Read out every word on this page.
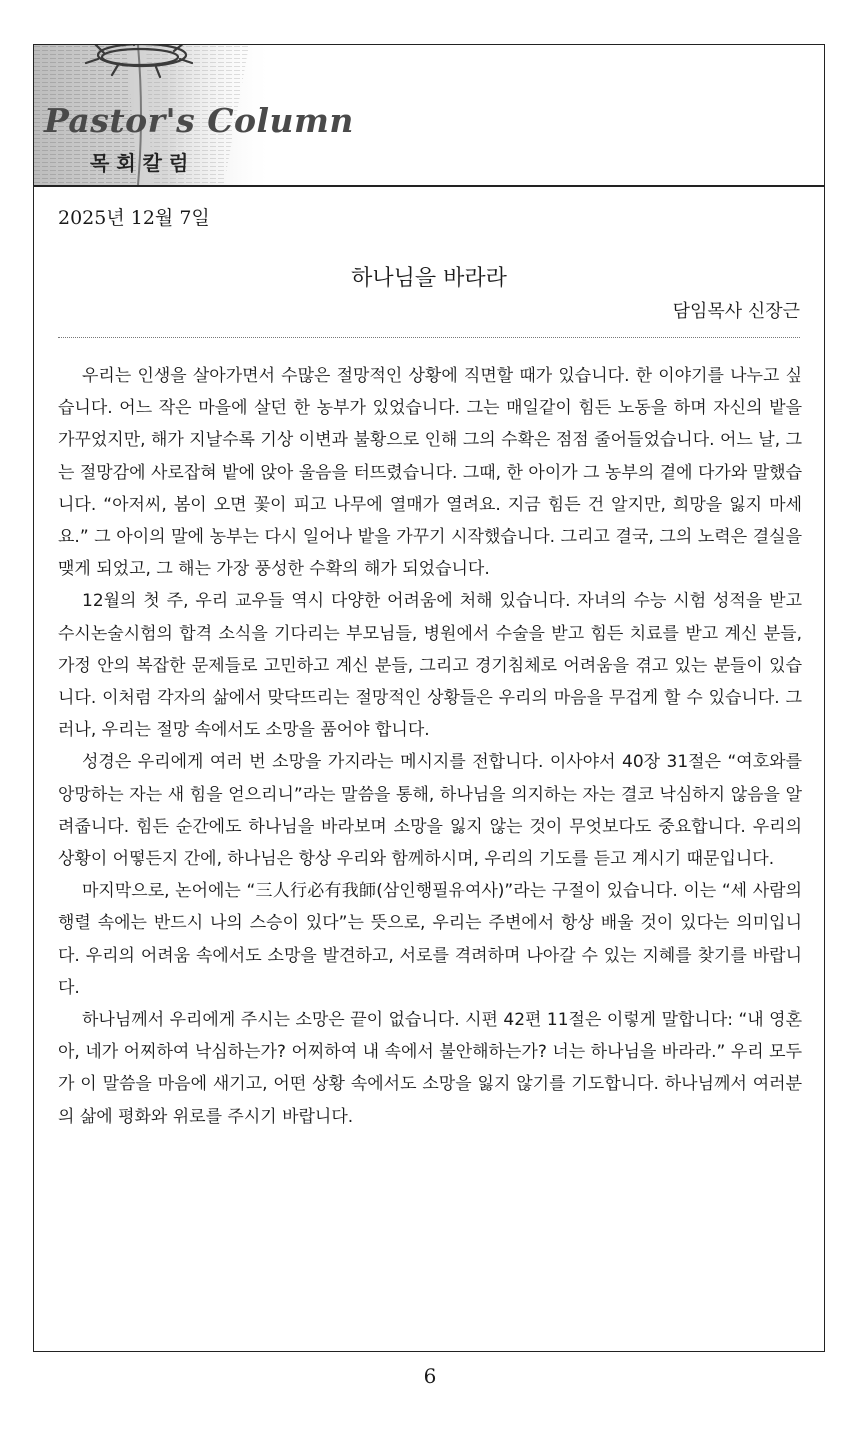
Pastor's Column
목회칼럼
2025년 12월 7일
하나님을 바라라
담임목사 신장근

우리는 인생을 살아가면서 수많은 절망적인 상황에 직면할 때가 있습니다. 한 이야기를 나누고 싶습니다. 어느 작은 마을에 살던 한 농부가 있었습니다. 그는 매일같이 힘든 노동을 하며 자신의 밭을 가꾸었지만, 해가 지날수록 기상 이변과 불황으로 인해 그의 수확은 점점 줄어들었습니다. 어느 날, 그는 절망감에 사로잡혀 밭에 앉아 울음을 터뜨렸습니다. 그때, 한 아이가 그 농부의 곁에 다가와 말했습니다. “아저씨, 봄이 오면 꽃이 피고 나무에 열매가 열려요. 지금 힘든 건 알지만, 희망을 잃지 마세요.” 그 아이의 말에 농부는 다시 일어나 밭을 가꾸기 시작했습니다. 그리고 결국, 그의 노력은 결실을 맺게 되었고, 그 해는 가장 풍성한 수확의 해가 되었습니다.

12월의 첫 주, 우리 교우들 역시 다양한 어려움에 처해 있습니다. 자녀의 수능 시험 성적을 받고 수시논술시험의 합격 소식을 기다리는 부모님들, 병원에서 수술을 받고 힘든 치료를 받고 계신 분들, 가정 안의 복잡한 문제들로 고민하고 계신 분들, 그리고 경기침체로 어려움을 겪고 있는 분들이 있습니다. 이처럼 각자의 삶에서 맞닥뜨리는 절망적인 상황들은 우리의 마음을 무겁게 할 수 있습니다. 그러나, 우리는 절망 속에서도 소망을 품어야 합니다.

성경은 우리에게 여러 번 소망을 가지라는 메시지를 전합니다. 이사야서 40장 31절은 “여호와를 앙망하는 자는 새 힘을 얻으리니”라는 말씀을 통해, 하나님을 의지하는 자는 결코 낙심하지 않음을 알려줍니다. 힘든 순간에도 하나님을 바라보며 소망을 잃지 않는 것이 무엇보다도 중요합니다. 우리의 상황이 어떻든지 간에, 하나님은 항상 우리와 함께하시며, 우리의 기도를 듣고 계시기 때문입니다.

마지막으로, 논어에는 “三人行必有我師(삼인행필유여사)”라는 구절이 있습니다. 이는 “세 사람의 행렬 속에는 반드시 나의 스승이 있다”는 뜻으로, 우리는 주변에서 항상 배울 것이 있다는 의미입니다. 우리의 어려움 속에서도 소망을 발견하고, 서로를 격려하며 나아갈 수 있는 지혜를 찾기를 바랍니다.

하나님께서 우리에게 주시는 소망은 끝이 없습니다. 시편 42편 11절은 이렇게 말합니다: “내 영혼아, 네가 어찌하여 낙심하는가? 어찌하여 내 속에서 불안해하는가? 너는 하나님을 바라라.” 우리 모두가 이 말씀을 마음에 새기고, 어떤 상황 속에서도 소망을 잃지 않기를 기도합니다. 하나님께서 여러분의 삶에 평화와 위로를 주시기 바랍니다.

6
